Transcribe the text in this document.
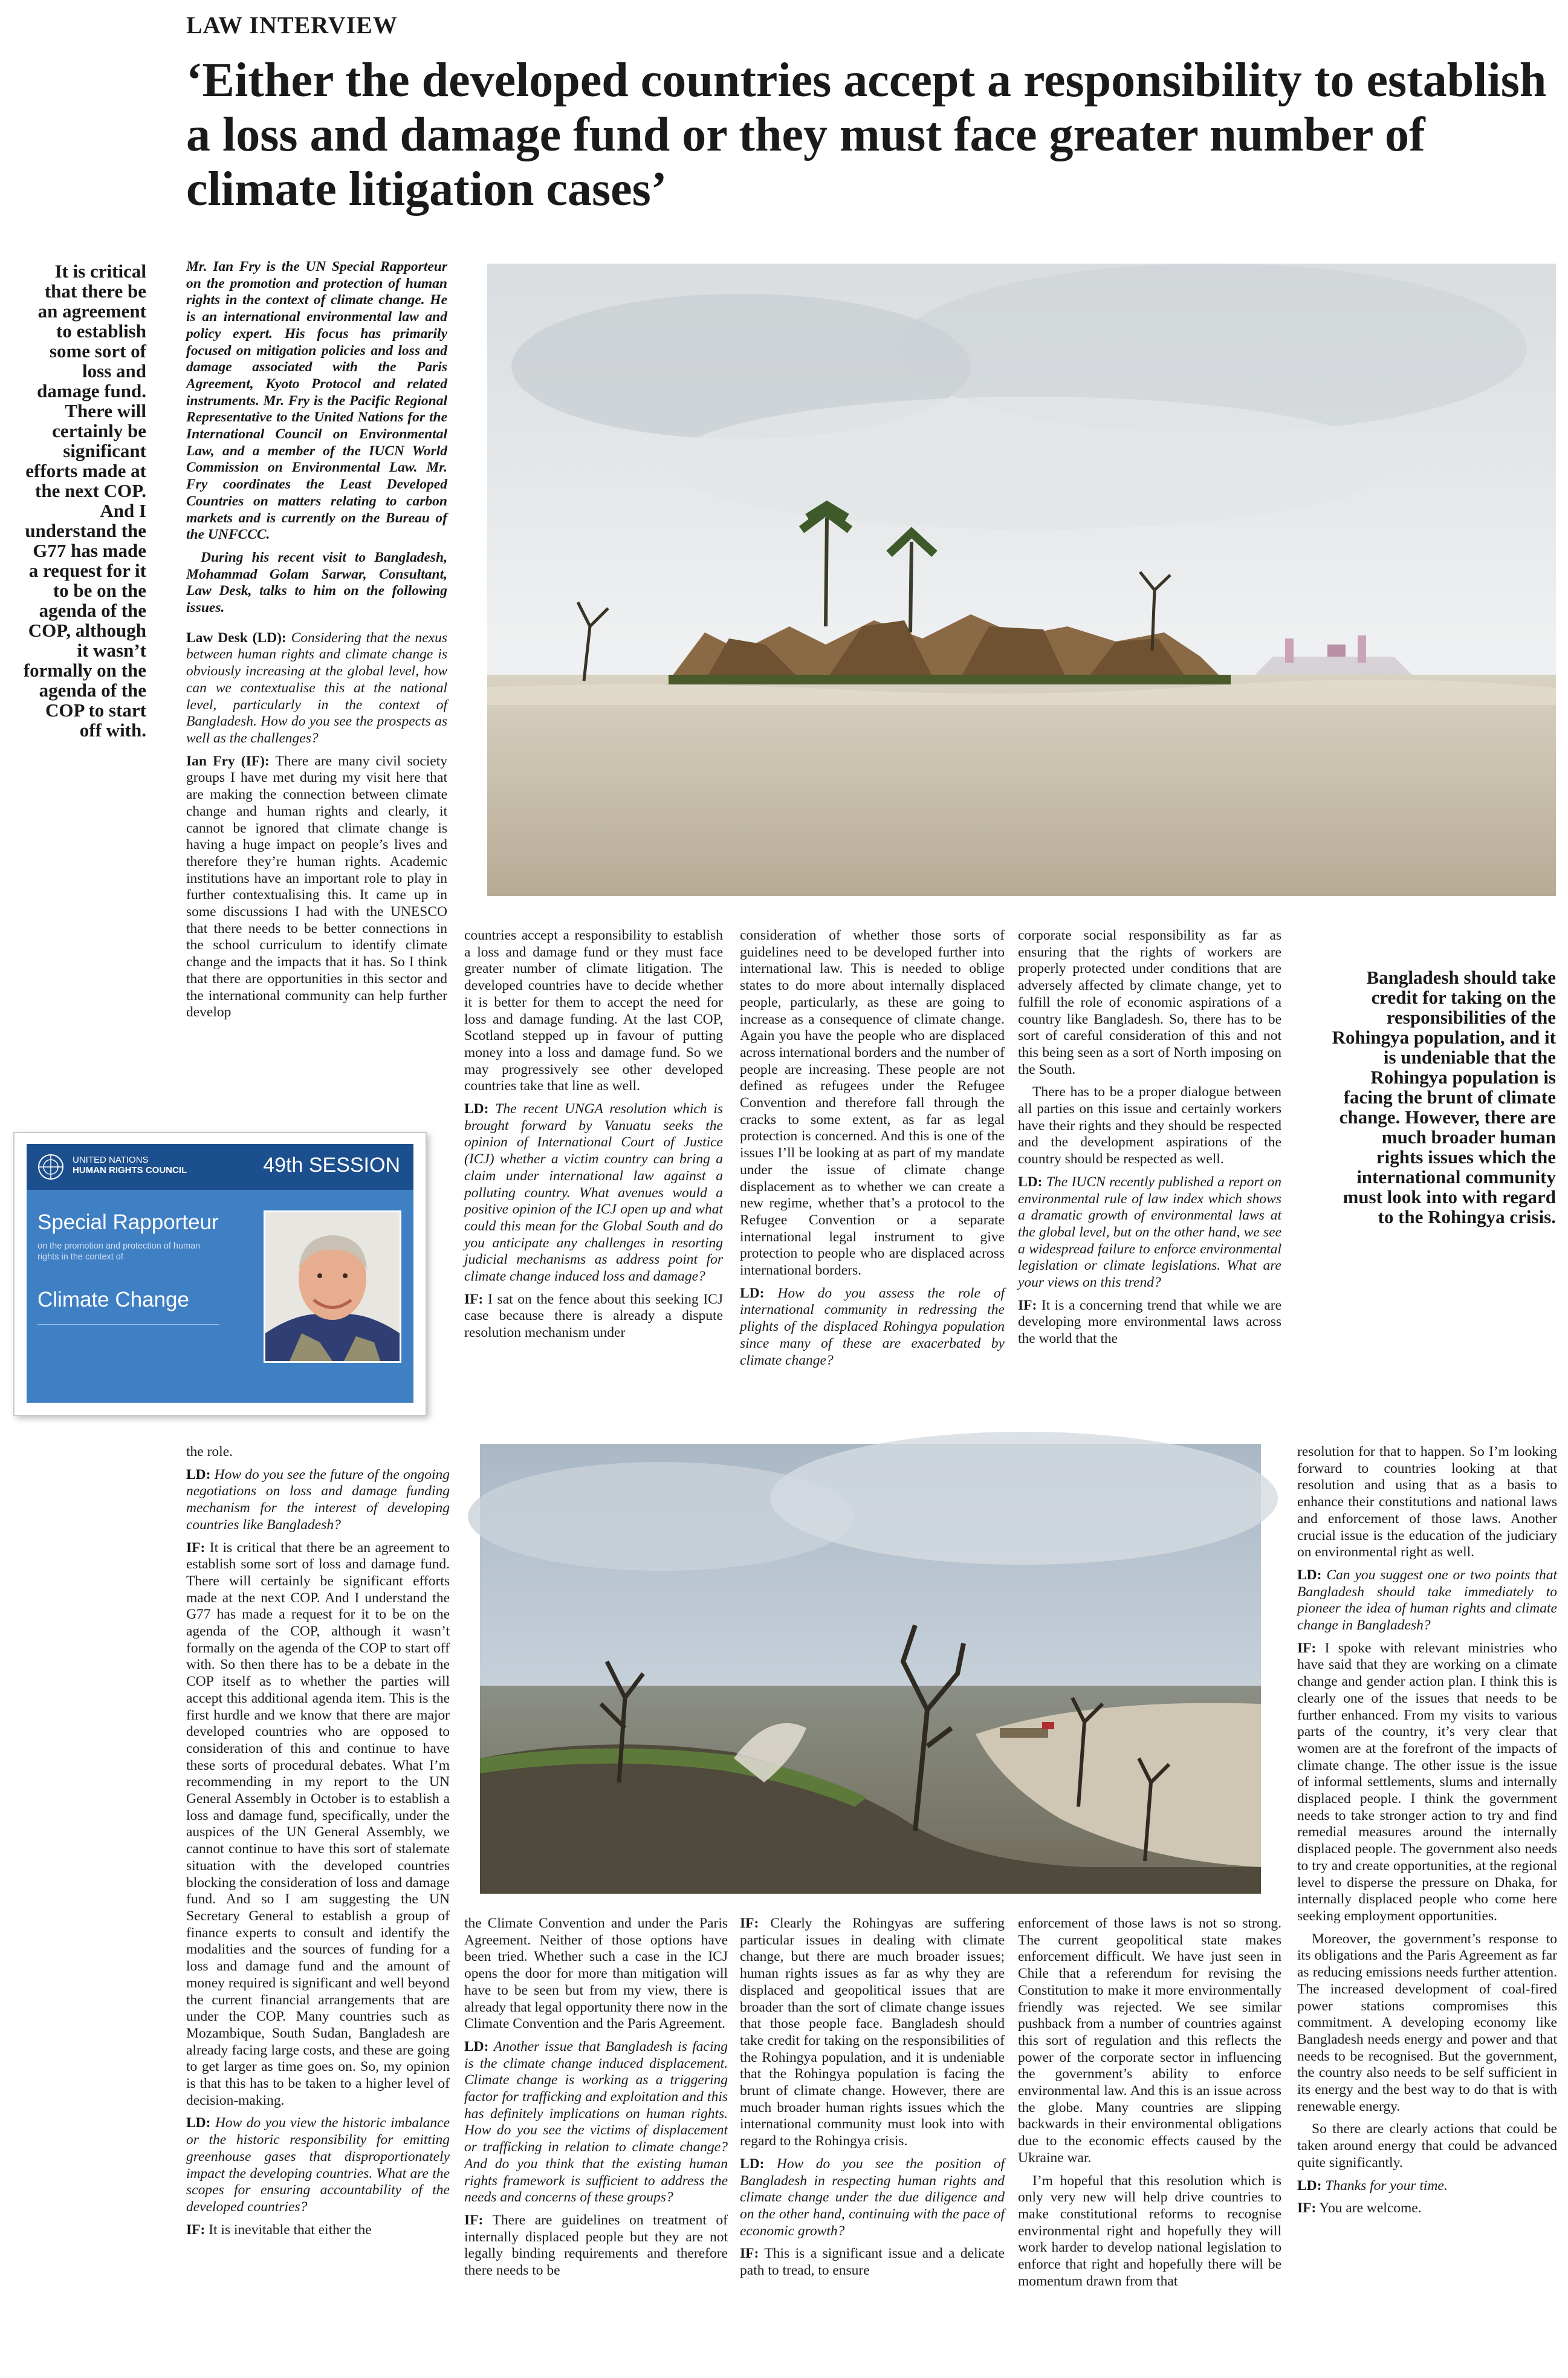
LAW INTERVIEW
‘Either the developed countries accept a responsibility to establish a loss and damage fund or they must face greater number of climate litigation cases’
It is critical that there be an agreement to establish some sort of loss and damage fund. There will certainly be significant efforts made at the next COP. And I understand the G77 has made a request for it to be on the agenda of the COP, although it wasn’t formally on the agenda of the COP to start off with.

Mr. Ian Fry is the UN Special Rapporteur on the promotion and protection of human rights in the context of climate change. He is an international environmental law and policy expert. His focus has primarily focused on mitigation policies and loss and damage associated with the Paris Agreement, Kyoto Protocol and related instruments. Mr. Fry is the Pacific Regional Representative to the United Nations for the International Council on Environmental Law, and a member of the IUCN World Commission on Environmental Law. Mr. Fry coordinates the Least Developed Countries on matters relating to carbon markets and is currently on the Bureau of the UNFCCC.

During his recent visit to Bangladesh, Mohammad Golam Sarwar, Consultant, Law Desk, talks to him on the following issues.

Law Desk (LD): Considering that the nexus between human rights and climate change is obviously increasing at the global level, how can we contextualise this at the national level, particularly in the context of Bangladesh. How do you see the prospects as well as the challenges?

Ian Fry (IF): There are many civil society groups I have met during my visit here that are making the connection between climate change and human rights and clearly, it cannot be ignored that climate change is having a huge impact on people’s lives and therefore they’re human rights. Academic institutions have an important role to play in further contextualising this. It came up in some discussions I had with the UNESCO that there needs to be better connections in the school curriculum to identify climate change and the impacts that it has. So I think that there are opportunities in this sector and the international community can help further develop

Bangladesh should take credit for taking on the responsibilities of the Rohingya population, and it is undeniable that the Rohingya population is facing the brunt of climate change. However, there are much broader human rights issues which the international community must look into with regard to the Rohingya crisis.

countries accept a responsibility to establish a loss and damage fund or they must face greater number of climate litigation. The developed countries have to decide whether it is better for them to accept the need for loss and damage funding. At the last COP, Scotland stepped up in favour of putting money into a loss and damage fund. So we may progressively see other developed countries take that line as well.

LD: The recent UNGA resolution which is brought forward by Vanuatu seeks the opinion of International Court of Justice (ICJ) whether a victim country can bring a claim under international law against a polluting country. What avenues would a positive opinion of the ICJ open up and what could this mean for the Global South and do you anticipate any challenges in resorting judicial mechanisms as address point for climate change induced loss and damage?

IF: I sat on the fence about this seeking ICJ case because there is already a dispute resolution mechanism under

consideration of whether those sorts of guidelines need to be developed further into international law. This is needed to oblige states to do more about internally displaced people, particularly, as these are going to increase as a consequence of climate change. Again you have the people who are displaced across international borders and the number of people are increasing. These people are not defined as refugees under the Refugee Convention and therefore fall through the cracks to some extent, as far as legal protection is concerned. And this is one of the issues I’ll be looking at as part of my mandate under the issue of climate change displacement as to whether we can create a new regime, whether that’s a protocol to the Refugee Convention or a separate international legal instrument to give protection to people who are displaced across international borders.

LD: How do you assess the role of international community in redressing the plights of the displaced Rohingya population since many of these are exacerbated by climate change?

corporate social responsibility as far as ensuring that the rights of workers are properly protected under conditions that are adversely affected by climate change, yet to fulfill the role of economic aspirations of a country like Bangladesh. So, there has to be sort of careful consideration of this and not this being seen as a sort of North imposing on the South.

There has to be a proper dialogue between all parties on this issue and certainly workers have their rights and they should be respected and the development aspirations of the country should be respected as well.

LD: The IUCN recently published a report on environmental rule of law index which shows a dramatic growth of environmental laws at the global level, but on the other hand, we see a widespread failure to enforce environmental legislation or climate legislations. What are your views on this trend?

IF: It is a concerning trend that while we are developing more environmental laws across the world that the

UNITED NATIONS
HUMAN RIGHTS COUNCIL	49th SESSION
Special Rapporteur
on the promotion and protection of human rights in the context of
Climate Change

the role.

LD: How do you see the future of the ongoing negotiations on loss and damage funding mechanism for the interest of developing countries like Bangladesh?

IF: It is critical that there be an agreement to establish some sort of loss and damage fund. There will certainly be significant efforts made at the next COP. And I understand the G77 has made a request for it to be on the agenda of the COP, although it wasn’t formally on the agenda of the COP to start off with. So then there has to be a debate in the COP itself as to whether the parties will accept this additional agenda item. This is the first hurdle and we know that there are major developed countries who are opposed to consideration of this and continue to have these sorts of procedural debates. What I’m recommending in my report to the UN General Assembly in October is to establish a loss and damage fund, specifically, under the auspices of the UN General Assembly, we cannot continue to have this sort of stalemate situation with the developed countries blocking the consideration of loss and damage fund. And so I am suggesting the UN Secretary General to establish a group of finance experts to consult and identify the modalities and the sources of funding for a loss and damage fund and the amount of money required is significant and well beyond the current financial arrangements that are under the COP. Many countries such as Mozambique, South Sudan, Bangladesh are already facing large costs, and these are going to get larger as time goes on. So, my opinion is that this has to be taken to a higher level of decision-making.

LD: How do you view the historic imbalance or the historic responsibility for emitting greenhouse gases that disproportionately impact the developing countries. What are the scopes for ensuring accountability of the developed countries?

IF: It is inevitable that either the

the Climate Convention and under the Paris Agreement. Neither of those options have been tried. Whether such a case in the ICJ opens the door for more than mitigation will have to be seen but from my view, there is already that legal opportunity there now in the Climate Convention and the Paris Agreement.

LD: Another issue that Bangladesh is facing is the climate change induced displacement. Climate change is working as a triggering factor for trafficking and exploitation and this has definitely implications on human rights. How do you see the victims of displacement or trafficking in relation to climate change? And do you think that the existing human rights framework is sufficient to address the needs and concerns of these groups?

IF: There are guidelines on treatment of internally displaced people but they are not legally binding requirements and therefore there needs to be

IF: Clearly the Rohingyas are suffering particular issues in dealing with climate change, but there are much broader issues; human rights issues as far as why they are displaced and geopolitical issues that are broader than the sort of climate change issues that those people face. Bangladesh should take credit for taking on the responsibilities of the Rohingya population, and it is undeniable that the Rohingya population is facing the brunt of climate change. However, there are much broader human rights issues which the international community must look into with regard to the Rohingya crisis.

LD: How do you see the position of Bangladesh in respecting human rights and climate change under the due diligence and on the other hand, continuing with the pace of economic growth?

IF: This is a significant issue and a delicate path to tread, to ensure

enforcement of those laws is not so strong. The current geopolitical state makes enforcement difficult. We have just seen in Chile that a referendum for revising the Constitution to make it more environmentally friendly was rejected. We see similar pushback from a number of countries against this sort of regulation and this reflects the power of the corporate sector in influencing the government’s ability to enforce environmental law. And this is an issue across the globe. Many countries are slipping backwards in their environmental obligations due to the economic effects caused by the Ukraine war.

I’m hopeful that this resolution which is only very new will help drive countries to make constitutional reforms to recognise environmental right and hopefully they will work harder to develop national legislation to enforce that right and hopefully there will be momentum drawn from that

resolution for that to happen. So I’m looking forward to countries looking at that resolution and using that as a basis to enhance their constitutions and national laws and enforcement of those laws. Another crucial issue is the education of the judiciary on environmental right as well.

LD: Can you suggest one or two points that Bangladesh should take immediately to pioneer the idea of human rights and climate change in Bangladesh?

IF: I spoke with relevant ministries who have said that they are working on a climate change and gender action plan. I think this is clearly one of the issues that needs to be further enhanced. From my visits to various parts of the country, it’s very clear that women are at the forefront of the impacts of climate change. The other issue is the issue of informal settlements, slums and internally displaced people. I think the government needs to take stronger action to try and find remedial measures around the internally displaced people. The government also needs to try and create opportunities, at the regional level to disperse the pressure on Dhaka, for internally displaced people who come here seeking employment opportunities.

Moreover, the government’s response to its obligations and the Paris Agreement as far as reducing emissions needs further attention. The increased development of coal-fired power stations compromises this commitment. A developing economy like Bangladesh needs energy and power and that needs to be recognised. But the government, the country also needs to be self sufficient in its energy and the best way to do that is with renewable energy.

So there are clearly actions that could be taken around energy that could be advanced quite significantly.

LD: Thanks for your time.

IF: You are welcome.
